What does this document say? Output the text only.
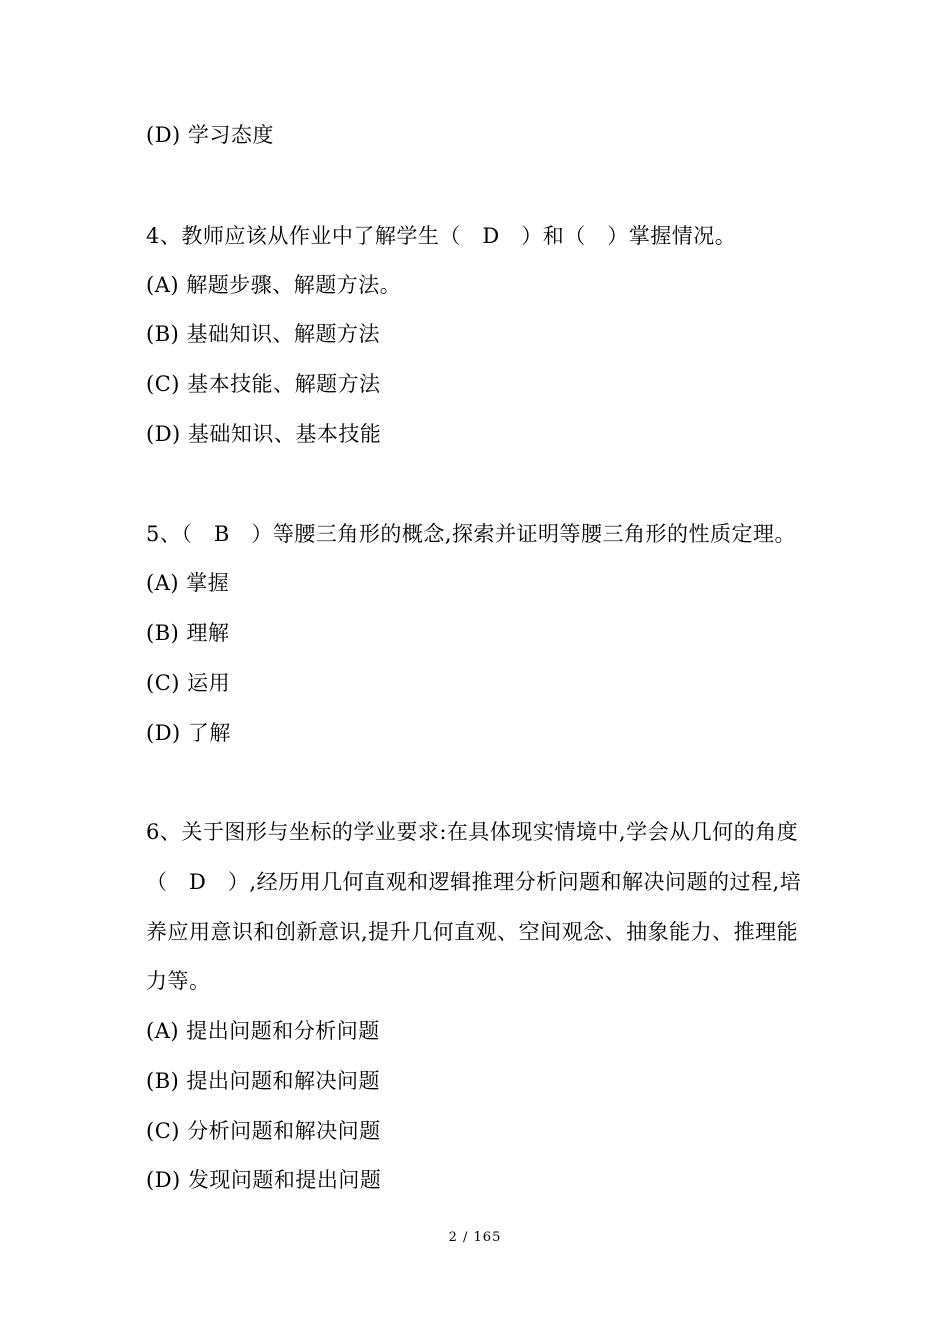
(D) 学习态度
4、教师应该从作业中了解学生（   D   ）和（   ）掌握情况。
(A) 解题步骤、解题方法。
(B) 基础知识、解题方法
(C) 基本技能、解题方法
(D) 基础知识、基本技能
5、（   B   ）等腰三角形的概念,探索并证明等腰三角形的性质定理。
(A) 掌握
(B) 理解
(C) 运用
(D) 了解
6、关于图形与坐标的学业要求:在具体现实情境中,学会从几何的角度
（   D   ）,经历用几何直观和逻辑推理分析问题和解决问题的过程,培
养应用意识和创新意识,提升几何直观、空间观念、抽象能力、推理能
力等。
(A) 提出问题和分析问题
(B) 提出问题和解决问题
(C) 分析问题和解决问题
(D) 发现问题和提出问题
2 / 165
